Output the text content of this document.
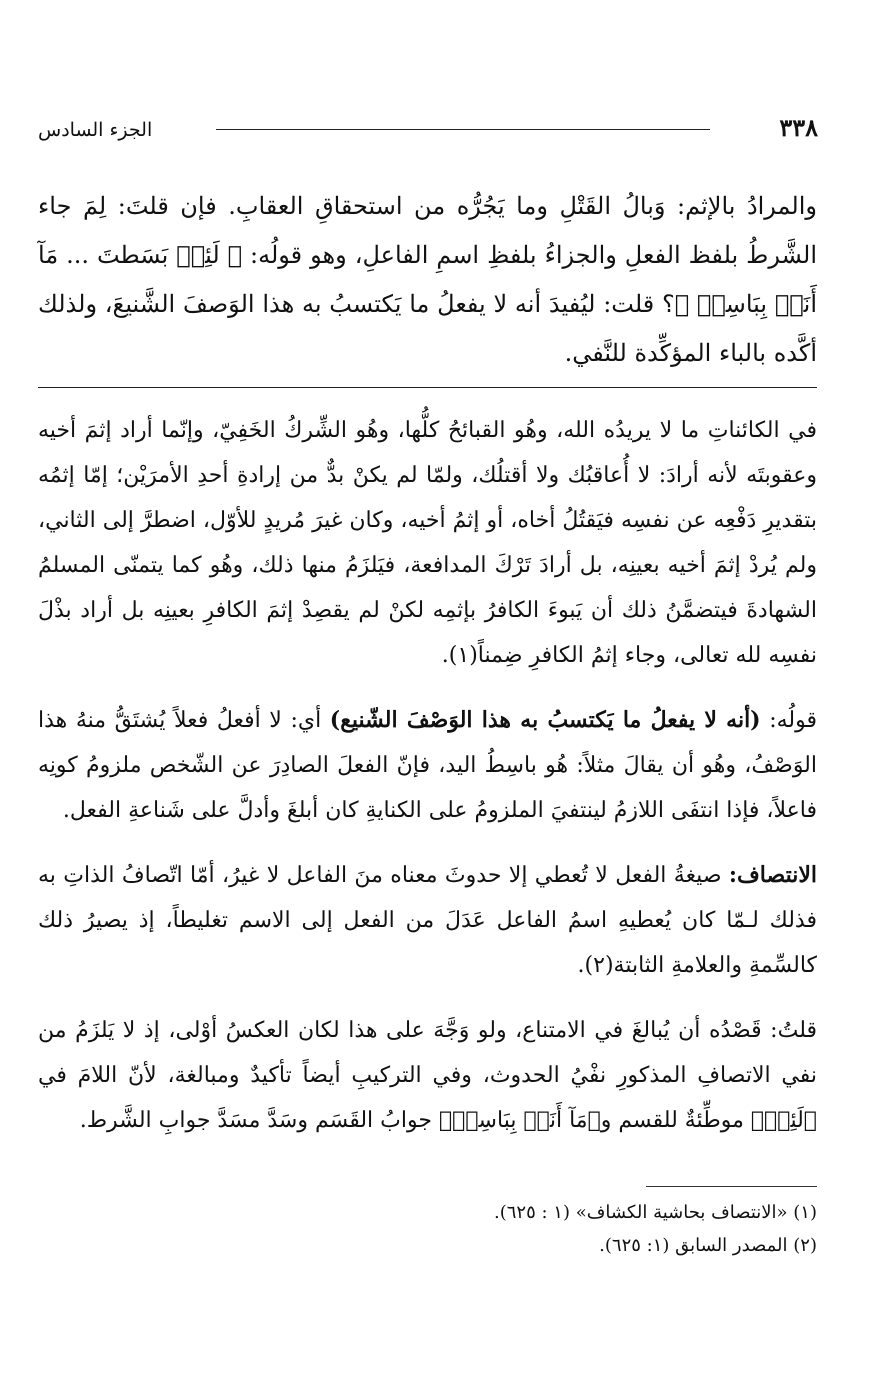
٣٣٨
الجزء السادس
والمرادُ بالإثم: وَبالُ القَتْلِ وما يَجُرُّه من استحقاقِ العقابِ. فإن قلتَ: لِمَ جاء الشَّرطُ بلفظ الفعلِ والجزاءُ بلفظِ اسمِ الفاعلِ، وهو قولُه: ﴿ لَئِنۢ بَسَطتَ ... مَآ أَنَا۠ بِبَاسِطٖ ﴾؟ قلت: ليُفيدَ أنه لا يفعلُ ما يَكتسبُ به هذا الوَصفَ الشَّنيعَ، ولذلك أكَّده بالباء المؤكِّدة للنَّفي.

في الكائناتِ ما لا يريدُه الله، وهُو القبائحُ كلُّها، وهُو الشِّركُ الخَفِيّ، وإنّما أراد إثمَ أخيه وعقوبتَه لأنه أرادَ: لا أُعاقبُك ولا أقتلُك، ولمّا لم يكنْ بدٌّ من إرادةِ أحدِ الأمرَيْن؛ إمّا إثمُه بتقديرِ دَفْعِه عن نفسِه فيَقتُلُ أخاه، أو إثمُ أخيه، وكان غيرَ مُريدٍ للأوّل، اضطرَّ إلى الثاني، ولم يُردْ إثمَ أخيه بعينِه، بل أرادَ تَرْكَ المدافعة، فيَلزَمُ منها ذلك، وهُو كما يتمنّى المسلمُ الشهادةَ فيتضمَّنُ ذلك أن يَبوءَ الكافرُ بإثمِه لكنْ لم يقصِدْ إثمَ الكافرِ بعينِه بل أراد بذْلَ نفسِه لله تعالى، وجاء إثمُ الكافرِ ضِمناً(١).

قولُه: (أنه لا يفعلُ ما يَكتسبُ به هذا الوَصْفَ الشّنيع) أي: لا أفعلُ فعلاً يُشتَقُّ منهُ هذا الوَصْفُ، وهُو أن يقالَ مثلاً: هُو باسِطُ اليد، فإنّ الفعلَ الصادِرَ عن الشّخص ملزومُ كونِه فاعلاً، فإذا انتفَى اللازمُ لينتفيَ الملزومُ على الكنايةِ كان أبلغَ وأدلَّ على شَناعةِ الفعل.

الانتصاف: صيغةُ الفعل لا تُعطي إلا حدوثَ معناه منَ الفاعل لا غيرُ، أمّا اتّصافُ الذاتِ به فذلك لـمّا كان يُعطيهِ اسمُ الفاعل عَدَلَ من الفعل إلى الاسم تغليطاً، إذ يصيرُ ذلك كالسِّمةِ والعلامةِ الثابتة(٢).

قلتُ: قَصْدُه أن يُبالغَ في الامتناع، ولو وَجَّهَ على هذا لكان العكسُ أوْلى، إذ لا يَلزَمُ من نفي الاتصافِ المذكورِ نفْيُ الحدوث، وفي التركيبِ أيضاً تأكيدٌ ومبالغة، لأنّ اللامَ في ﴿لَئِنۢ﴾ موطِّئةٌ للقسم و﴿مَآ أَنَا۠ بِبَاسِطٖ﴾ جوابُ القَسَم وسَدَّ مسَدَّ جوابِ الشَّرط.

(١) «الانتصاف بحاشية الكشاف» (١ : ٦٢٥).
(٢) المصدر السابق (١: ٦٢٥).
